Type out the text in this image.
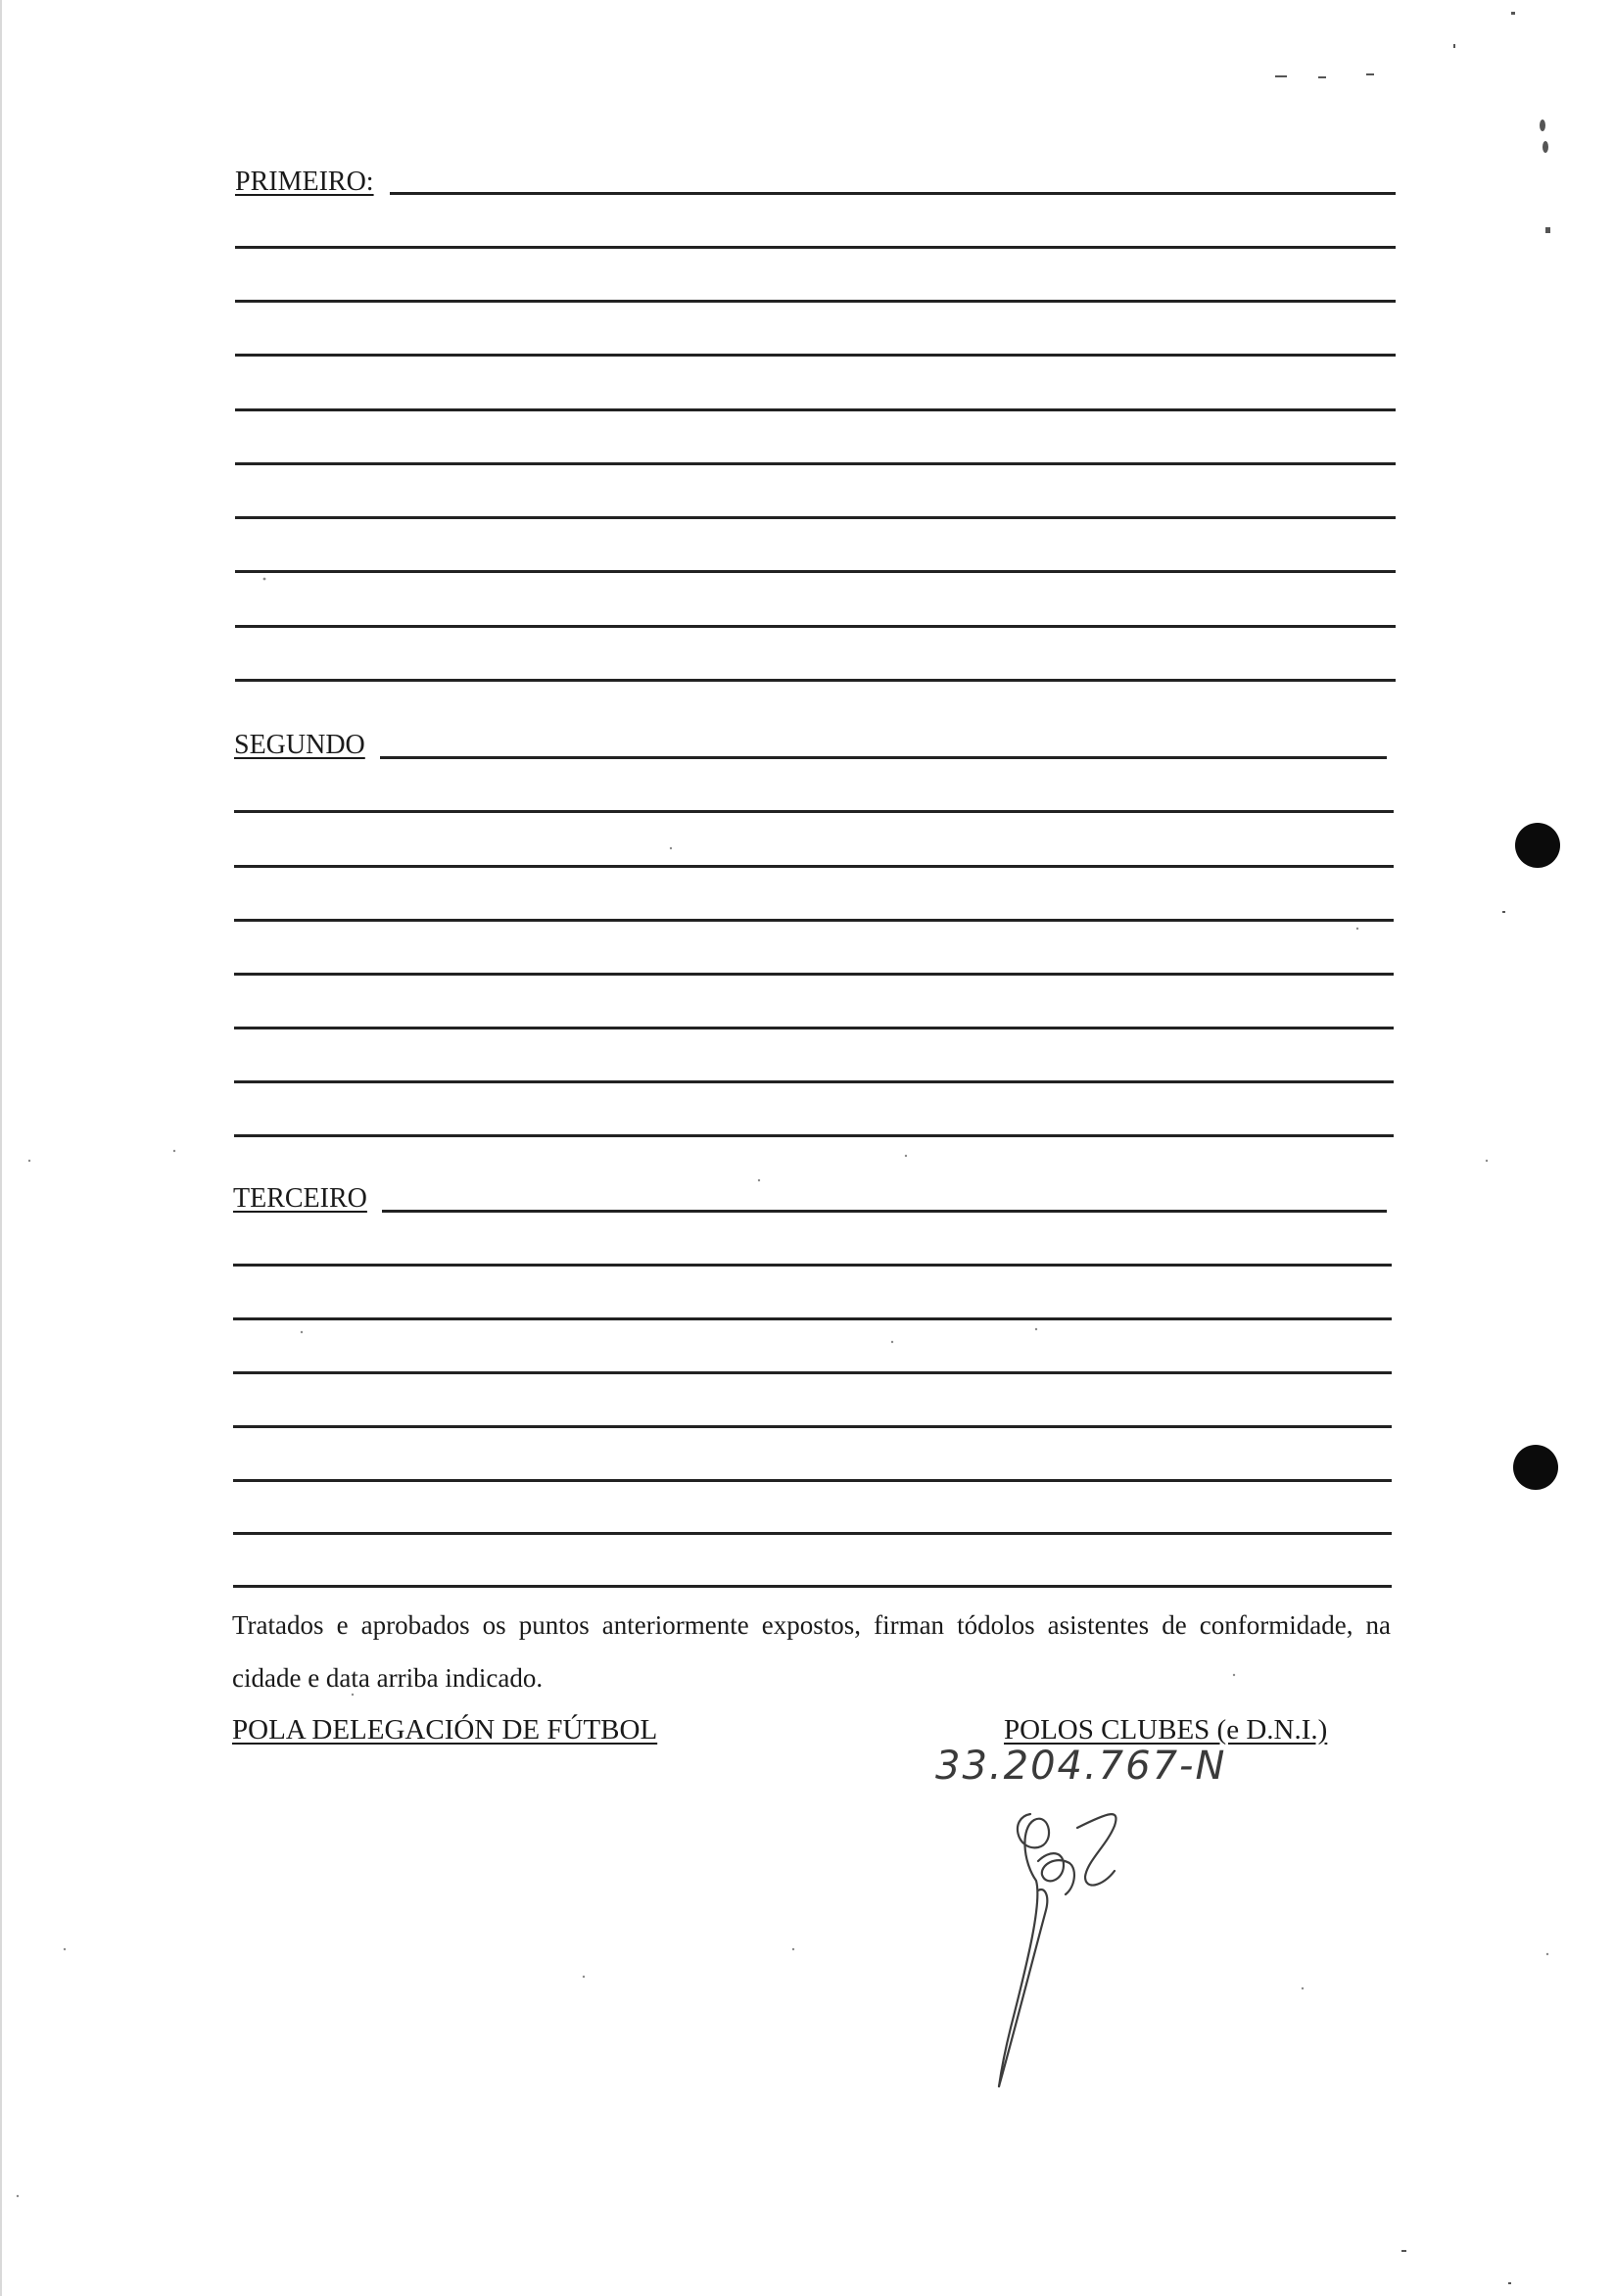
PRIMEIRO:
SEGUNDO
TERCEIRO
Tratados e aprobados os puntos anteriormente expostos, firman tódolos asistentes de conformidade, na cidade e data arriba indicado.
POLA DELEGACIÓN DE FÚTBOL	POLOS CLUBES (e D.N.I.)
33.204.767-N
